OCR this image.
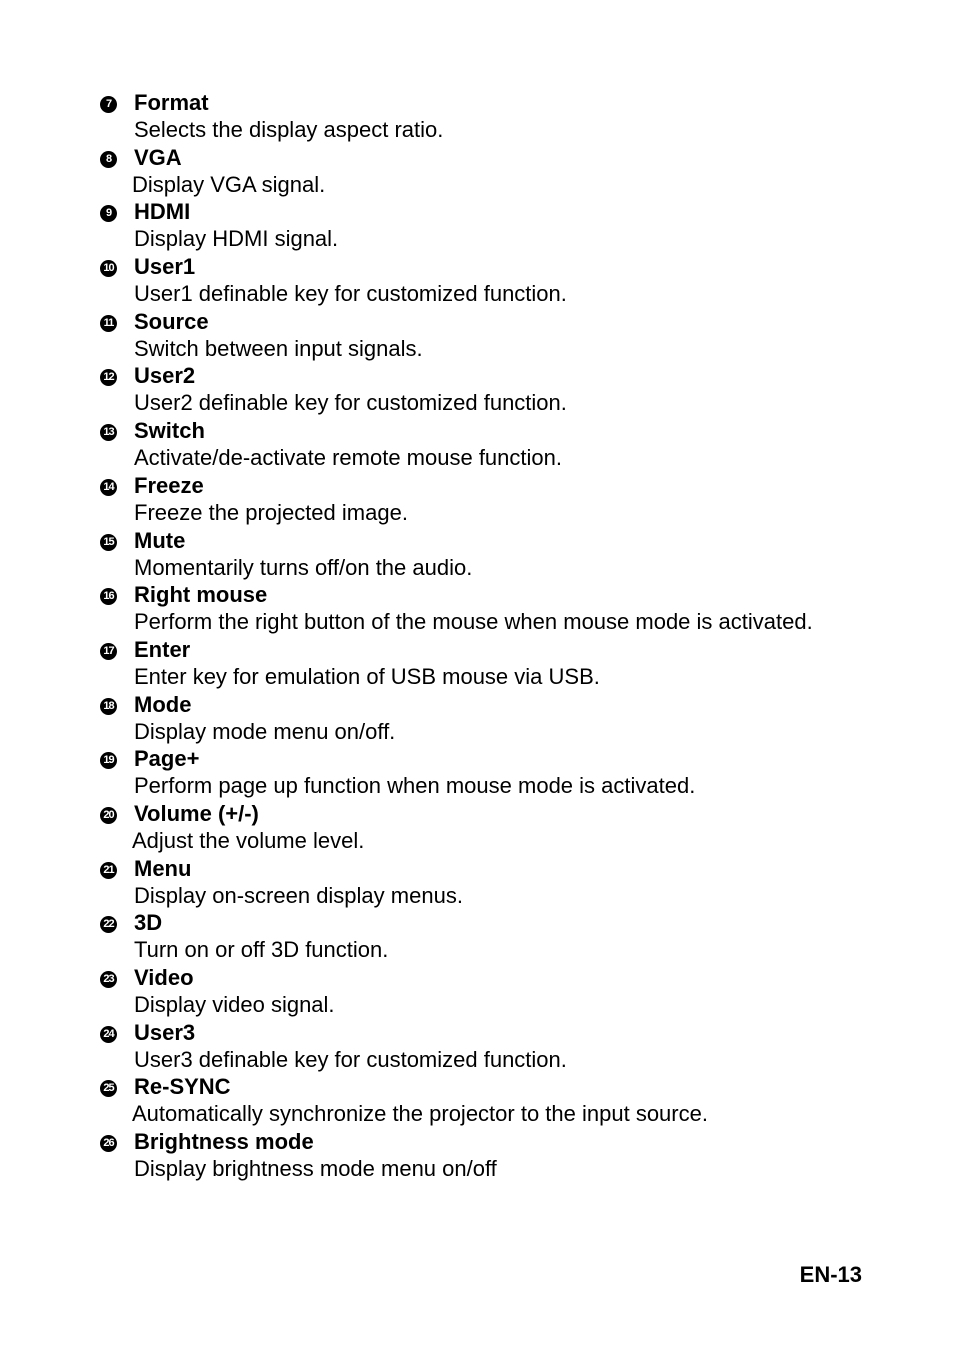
7 Format
Selects the display aspect ratio.
8 VGA
Display VGA signal.
9 HDMI
Display HDMI signal.
10 User1
User1 definable key for customized function.
11 Source
Switch between input signals.
12 User2
User2 definable key for customized function.
13 Switch
Activate/de-activate remote mouse function.
14 Freeze
Freeze the projected image.
15 Mute
Momentarily turns off/on the audio.
16 Right mouse
Perform the right button of the mouse when mouse mode is activated.
17 Enter
Enter key for emulation of USB mouse via USB.
18 Mode
Display mode menu on/off.
19 Page+
Perform page up function when mouse mode is activated.
20 Volume (+/-)
Adjust the volume level.
21 Menu
Display on-screen display menus.
22 3D
Turn on or off 3D function.
23 Video
Display video signal.
24 User3
User3 definable key for customized function.
25 Re-SYNC
Automatically synchronize the projector to the input source.
26 Brightness mode
Display brightness mode menu on/off
EN-13
